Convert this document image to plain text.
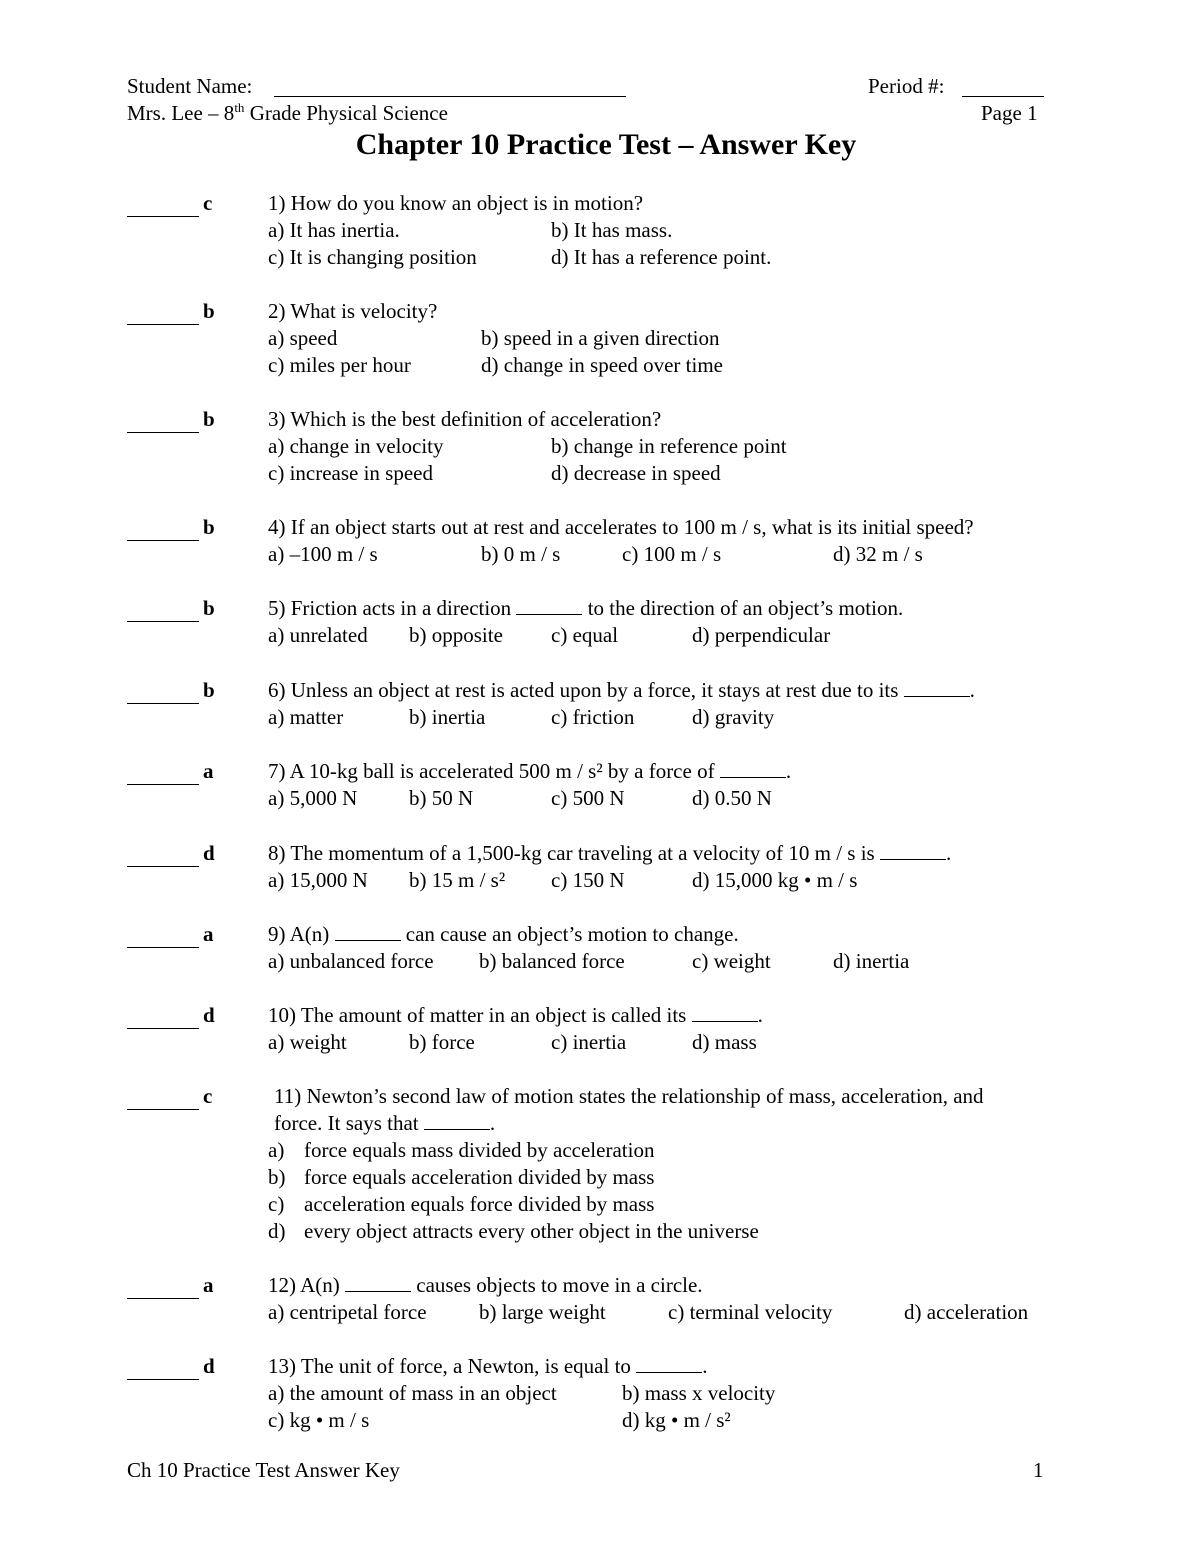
Student Name:	Period #:
Mrs. Lee – 8th Grade Physical Science	Page 1
Chapter 10 Practice Test – Answer Key
c	1) How do you know an object is in motion?
a) It has inertia.	b) It has mass.
c) It is changing position	d) It has a reference point.
b	2) What is velocity?
a) speed	b) speed in a given direction
c) miles per hour	d) change in speed over time
b	3) Which is the best definition of acceleration?
a) change in velocity	b) change in reference point
c) increase in speed	d) decrease in speed
b	4) If an object starts out at rest and accelerates to 100 m / s, what is its initial speed?
a) –100 m / s	b) 0 m / s	c) 100 m / s	d) 32 m / s
b	5) Friction acts in a direction	to the direction of an object’s motion.
a) unrelated b) opposite c) equal	d) perpendicular
b	6) Unless an object at rest is acted upon by a force, it stays at rest due to its	.
a) matter	b) inertia	c) friction	d) gravity
a	7) A 10-kg ball is accelerated 500 m / s² by a force of	.
a) 5,000 N b) 50 N	c) 500 N	d) 0.50 N
d	8) The momentum of a 1,500-kg car traveling at a velocity of 10 m / s is	.
a) 15,000 N b) 15 m / s² c) 150 N	d) 15,000 kg • m / s
a	9) A(n)	can cause an object’s motion to change.
a) unbalanced force b) balanced force	c) weight	d) inertia
d	10) The amount of matter in an object is called its	.
a) weight	b) force	c) inertia	d) mass
c	11) Newton’s second law of motion states the relationship of mass, acceleration, and
force. It says that	.
a) force equals mass divided by acceleration
b) force equals acceleration divided by mass
c) acceleration equals force divided by mass
d) every object attracts every other object in the universe
a	12) A(n)	causes objects to move in a circle.
a) centripetal force b) large weight	c) terminal velocity	d) acceleration
d	13) The unit of force, a Newton, is equal to	.
a) the amount of mass in an object	b) mass x velocity
c) kg • m / s	d) kg • m / s²
Ch 10 Practice Test Answer Key	1
